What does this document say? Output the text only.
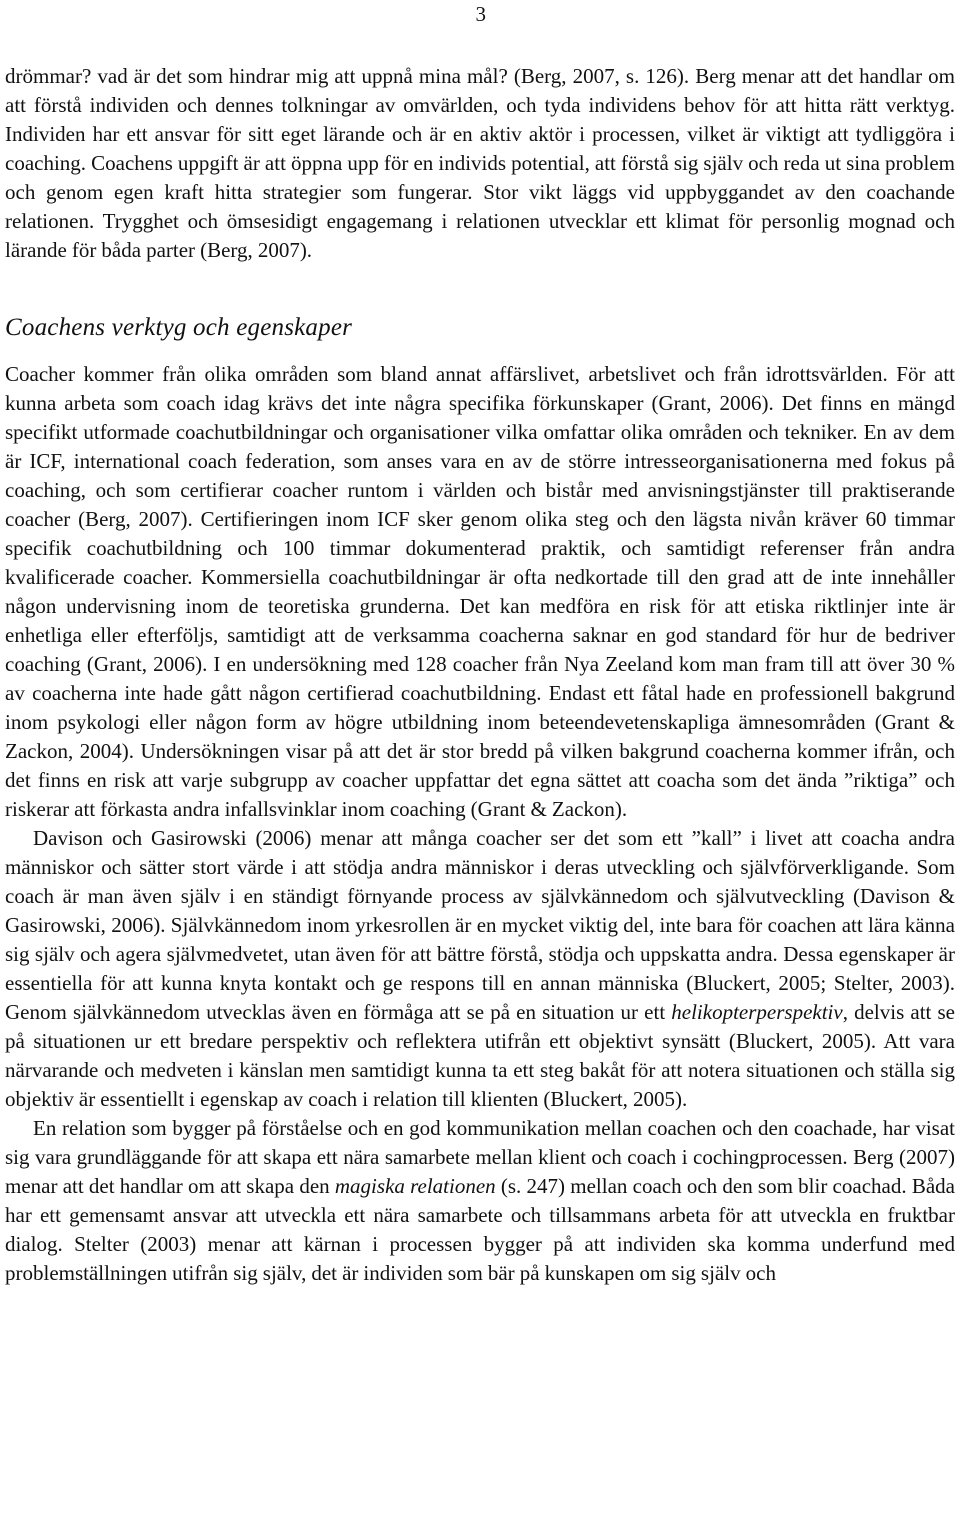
3

drömmar? vad är det som hindrar mig att uppnå mina mål? (Berg, 2007, s. 126). Berg menar att det handlar om att förstå individen och dennes tolkningar av omvärlden, och tyda individens behov för att hitta rätt verktyg. Individen har ett ansvar för sitt eget lärande och är en aktiv aktör i processen, vilket är viktigt att tydliggöra i coaching. Coachens uppgift är att öppna upp för en individs potential, att förstå sig själv och reda ut sina problem och genom egen kraft hitta strategier som fungerar. Stor vikt läggs vid uppbyggandet av den coachande relationen. Trygghet och ömsesidigt engagemang i relationen utvecklar ett klimat för personlig mognad och lärande för båda parter (Berg, 2007).

Coachens verktyg och egenskaper

Coacher kommer från olika områden som bland annat affärslivet, arbetslivet och från idrottsvärlden. För att kunna arbeta som coach idag krävs det inte några specifika förkunskaper (Grant, 2006). Det finns en mängd specifikt utformade coachutbildningar och organisationer vilka omfattar olika områden och tekniker. En av dem är ICF, international coach federation, som anses vara en av de större intresseorganisationerna med fokus på coaching, och som certifierar coacher runtom i världen och bistår med anvisningstjänster till praktiserande coacher (Berg, 2007). Certifieringen inom ICF sker genom olika steg och den lägsta nivån kräver 60 timmar specifik coachutbildning och 100 timmar dokumenterad praktik, och samtidigt referenser från andra kvalificerade coacher. Kommersiella coachutbildningar är ofta nedkortade till den grad att de inte innehåller någon undervisning inom de teoretiska grunderna. Det kan medföra en risk för att etiska riktlinjer inte är enhetliga eller efterföljs, samtidigt att de verksamma coacherna saknar en god standard för hur de bedriver coaching (Grant, 2006). I en undersökning med 128 coacher från Nya Zeeland kom man fram till att över 30 % av coacherna inte hade gått någon certifierad coachutbildning. Endast ett fåtal hade en professionell bakgrund inom psykologi eller någon form av högre utbildning inom beteendevetenskapliga ämnesområden (Grant & Zackon, 2004). Undersökningen visar på att det är stor bredd på vilken bakgrund coacherna kommer ifrån, och det finns en risk att varje subgrupp av coacher uppfattar det egna sättet att coacha som det ända ”riktiga” och riskerar att förkasta andra infallsvinklar inom coaching (Grant & Zackon).

Davison och Gasirowski (2006) menar att många coacher ser det som ett ”kall” i livet att coacha andra människor och sätter stort värde i att stödja andra människor i deras utveckling och självförverkligande. Som coach är man även själv i en ständigt förnyande process av självkännedom och självutveckling (Davison & Gasirowski, 2006). Självkännedom inom yrkesrollen är en mycket viktig del, inte bara för coachen att lära känna sig själv och agera självmedvetet, utan även för att bättre förstå, stödja och uppskatta andra. Dessa egenskaper är essentiella för att kunna knyta kontakt och ge respons till en annan människa (Bluckert, 2005; Stelter, 2003). Genom självkännedom utvecklas även en förmåga att se på en situation ur ett helikopterperspektiv, delvis att se på situationen ur ett bredare perspektiv och reflektera utifrån ett objektivt synsätt (Bluckert, 2005). Att vara närvarande och medveten i känslan men samtidigt kunna ta ett steg bakåt för att notera situationen och ställa sig objektiv är essentiellt i egenskap av coach i relation till klienten (Bluckert, 2005).

En relation som bygger på förståelse och en god kommunikation mellan coachen och den coachade, har visat sig vara grundläggande för att skapa ett nära samarbete mellan klient och coach i cochingprocessen. Berg (2007) menar att det handlar om att skapa den magiska relationen (s. 247) mellan coach och den som blir coachad. Båda har ett gemensamt ansvar att utveckla ett nära samarbete och tillsammans arbeta för att utveckla en fruktbar dialog. Stelter (2003) menar att kärnan i processen bygger på att individen ska komma underfund med problemställningen utifrån sig själv, det är individen som bär på kunskapen om sig själv och
